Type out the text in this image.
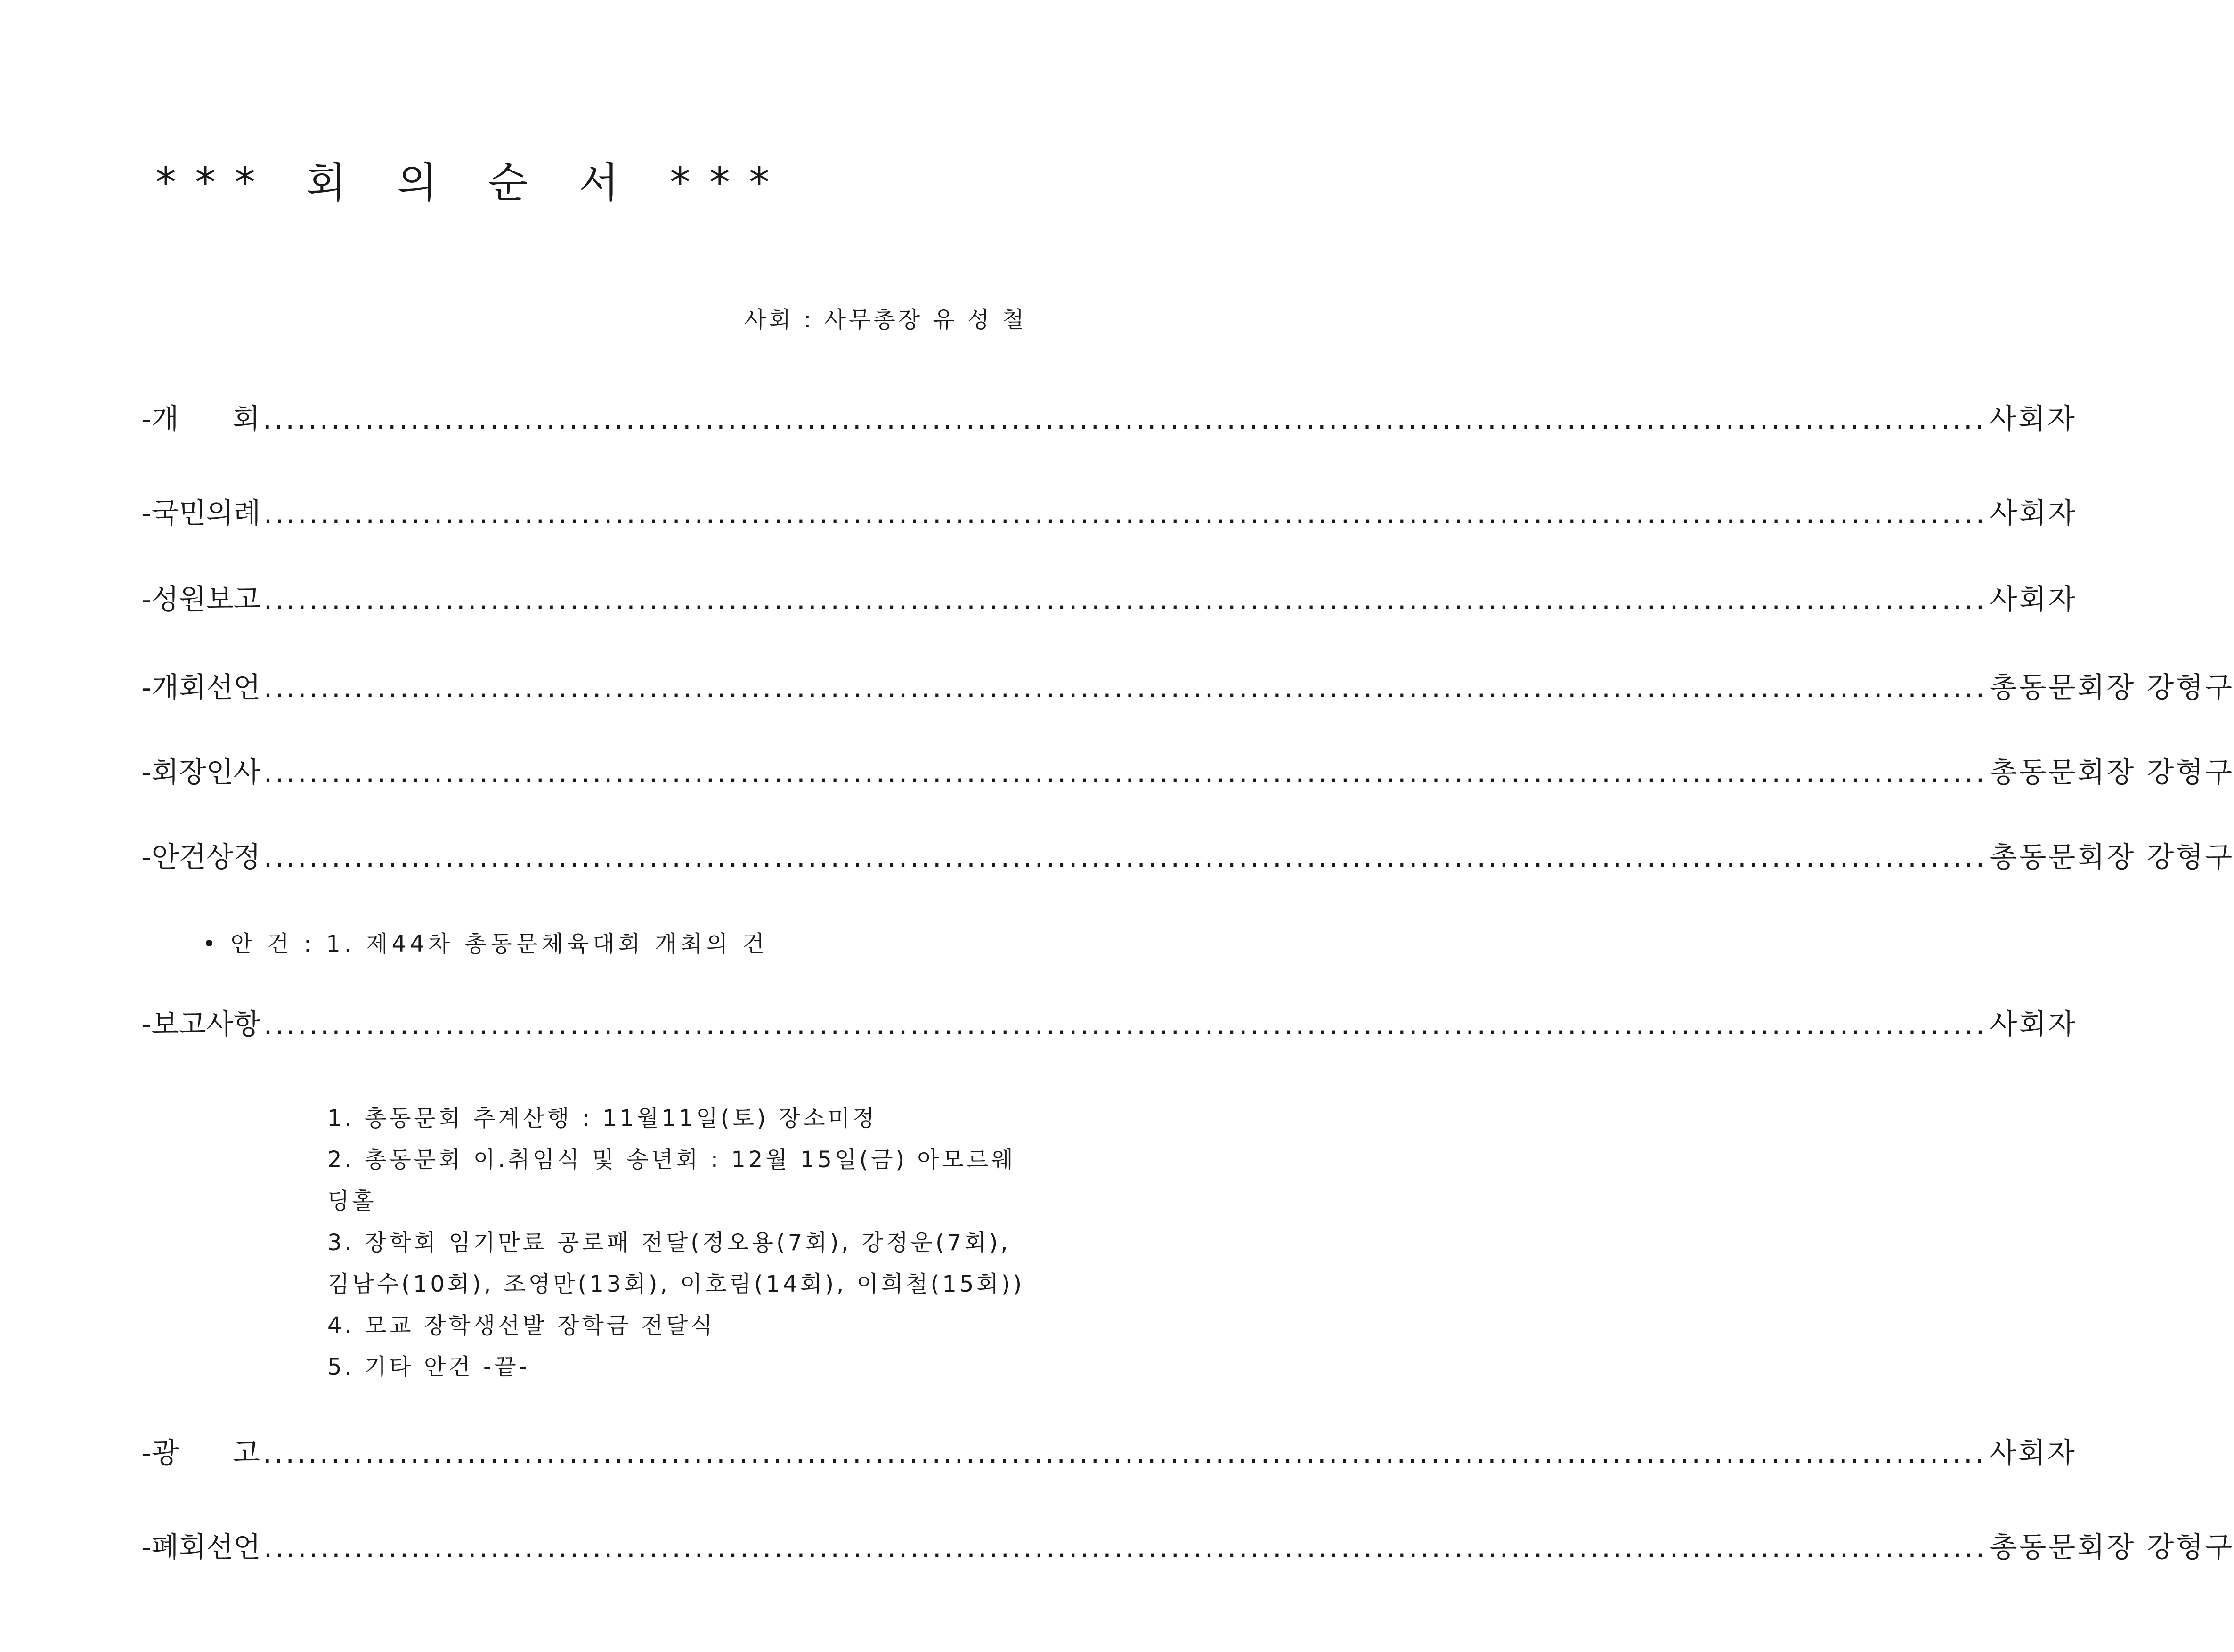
*** 회 의 순 서 ***
사회 : 사무총장 유 성 철
-개      회 ........................................................................................................................................................ 사회자
-국민의례 ........................................................................................................................................................ 사회자
-성원보고 ........................................................................................................................................................ 사회자
-개회선언 ........................................................................................................................................................ 총동문회장 강형구
-회장인사 ........................................................................................................................................................ 총동문회장 강형구
-안건상정 ........................................................................................................................................................ 총동문회장 강형구
• 안 건 : 1. 제44차 총동문체육대회 개최의 건
-보고사항 ........................................................................................................................................................ 사회자
1. 총동문회 추계산행 : 11월11일(토) 장소미정
2. 총동문회 이.취임식 및 송년회 : 12월 15일(금) 아모르웨
딩홀
3. 장학회 임기만료 공로패 전달(정오용(7회), 강정운(7회),
김남수(10회), 조영만(13회), 이호림(14회), 이희철(15회))
4. 모교 장학생선발 장학금 전달식
5. 기타 안건 -끝-
-광      고 ........................................................................................................................................................ 사회자
-폐회선언 ........................................................................................................................................................ 총동문회장 강형구
